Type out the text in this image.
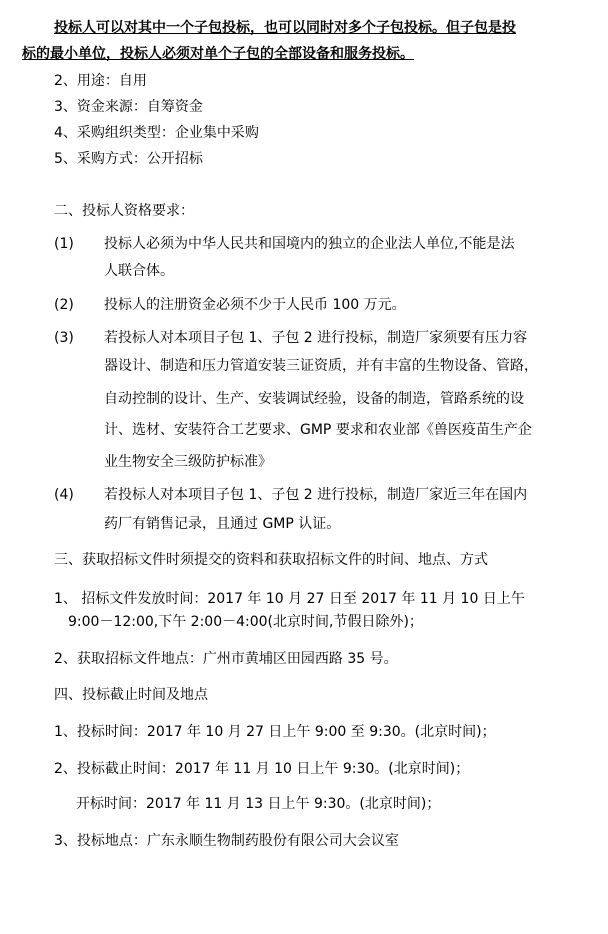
投标人可以对其中一个子包投标，也可以同时对多个子包投标。但子包是投
标的最小单位，投标人必须对单个子包的全部设备和服务投标。
2、用途：自用
3、资金来源：自筹资金
4、采购组织类型：企业集中采购
5、采购方式：公开招标
二、投标人资格要求：
(1) 投标人必须为中华人民共和国境内的独立的企业法人单位,不能是法
人联合体。
(2) 投标人的注册资金必须不少于人民币 100 万元。
(3) 若投标人对本项目子包 1、子包 2 进行投标，制造厂家须要有压力容
器设计、制造和压力管道安装三证资质，并有丰富的生物设备、管路，
自动控制的设计、生产、安装调试经验，设备的制造，管路系统的设
计、选材、安装符合工艺要求、GMP 要求和农业部《兽医疫苗生产企
业生物安全三级防护标准》
(4) 若投标人对本项目子包 1、子包 2 进行投标，制造厂家近三年在国内
药厂有销售记录，且通过 GMP 认证。
三、获取招标文件时须提交的资料和获取招标文件的时间、地点、方式
1、 招标文件发放时间：2017 年 10 月 27 日至 2017 年 11 月 10 日上午
9:00－12:00,下午 2:00－4:00(北京时间,节假日除外)；
2、获取招标文件地点：广州市黄埔区田园西路 35 号。
四、投标截止时间及地点
1、投标时间：2017 年 10 月 27 日上午 9:00 至 9:30。(北京时间)；
2、投标截止时间：2017 年 11 月 10 日上午 9:30。(北京时间)；
开标时间：2017 年 11 月 13 日上午 9:30。(北京时间)；
3、投标地点：广东永顺生物制药股份有限公司大会议室
